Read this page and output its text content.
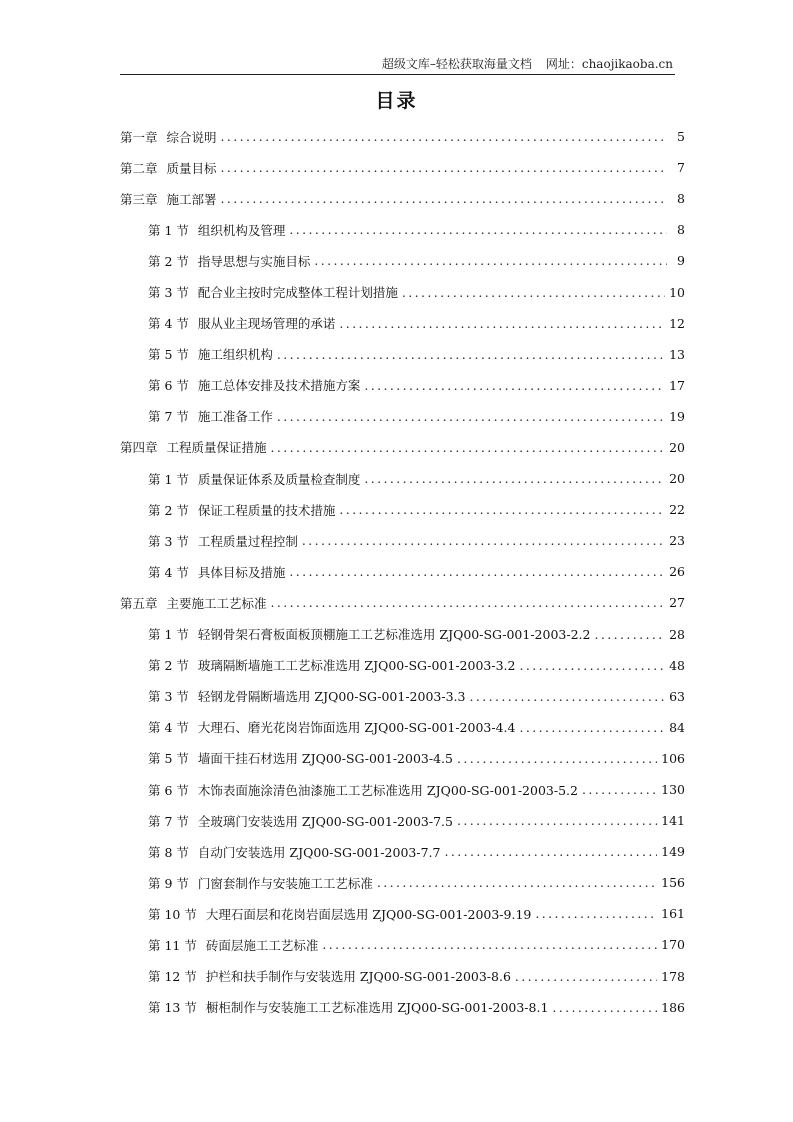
超级文库–轻松获取海量文档 网址：chaojikaoba.cn
目录
第一章 综合说明 .....	5
第二章 质量目标 .....	7
第三章 施工部署 .....	8
第 1 节 组织机构及管理 .....	8
第 2 节 指导思想与实施目标 .....	9
第 3 节 配合业主按时完成整体工程计划措施 .....	10
第 4 节 服从业主现场管理的承诺 .....	12
第 5 节 施工组织机构 .....	13
第 6 节 施工总体安排及技术措施方案 .....	17
第 7 节 施工准备工作 .....	19
第四章 工程质量保证措施 .....	20
第 1 节 质量保证体系及质量检查制度 .....	20
第 2 节 保证工程质量的技术措施 .....	22
第 3 节 工程质量过程控制 .....	23
第 4 节 具体目标及措施 .....	26
第五章 主要施工工艺标准 .....	27
第 1 节 轻钢骨架石膏板面板顶棚施工工艺标准选用 ZJQ00-SG-001-2003-2.2 .....	28
第 2 节 玻璃隔断墙施工工艺标准选用 ZJQ00-SG-001-2003-3.2 .....	48
第 3 节 轻钢龙骨隔断墙选用 ZJQ00-SG-001-2003-3.3 .....	63
第 4 节 大理石、磨光花岗岩饰面选用 ZJQ00-SG-001-2003-4.4 .....	84
第 5 节 墙面干挂石材选用 ZJQ00-SG-001-2003-4.5 .....	106
第 6 节 木饰表面施涂清色油漆施工工艺标准选用 ZJQ00-SG-001-2003-5.2 .....	130
第 7 节 全玻璃门安装选用 ZJQ00-SG-001-2003-7.5 .....	141
第 8 节 自动门安装选用 ZJQ00-SG-001-2003-7.7 .....	149
第 9 节 门窗套制作与安装施工工艺标准 .....	156
第 10 节 大理石面层和花岗岩面层选用 ZJQ00-SG-001-2003-9.19 .....	161
第 11 节 砖面层施工工艺标准 .....	170
第 12 节 护栏和扶手制作与安装选用 ZJQ00-SG-001-2003-8.6 .....	178
第 13 节 橱柜制作与安装施工工艺标准选用 ZJQ00-SG-001-2003-8.1 .....	186
